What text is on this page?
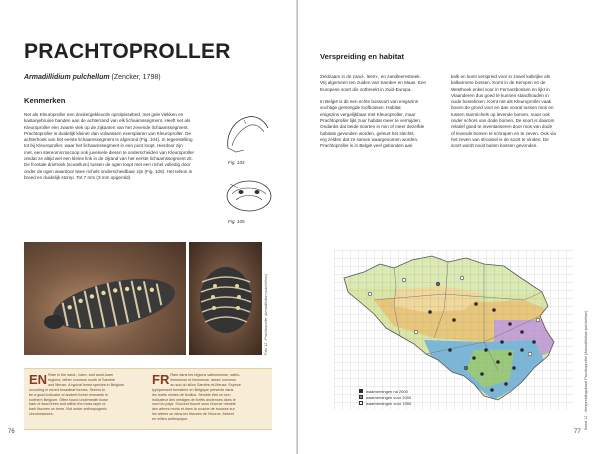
PRACHTOPROLLER
Armadillidium pulchellum (Zencker, 1798)
Kenmerken
Net als Kleuroproller een donkergekleurde oprolpissebed, met gele vlekken en
kastanjebruine banden aan de achterrand van elk lichaamssegment. Heeft net als
Kleuroproller een zwarte vlek op de zijkanten van het zevende lichaamssegment.
Prachtoproller is duidelijk kleiner dan volwassen exemplaren van Kleuroproller. De
achterhoek van het eerste lichaamssegment is afgerond (Fig. 104). In tegenstelling
tot bij Kleuroproller, waar het lichaamssegment in een punt loopt. Hierdoor zijn
met, een stereomicroscoop ook juveniele dieren te onderscheiden van Kleuroproller
omdat ze altijd wel een kleine link in de zijrand van het eerste lichaamssegment zit.
De frontale driehoek (scutellum) tussen de ogen loopt met een richel volledig door
onder de ogen waardoor twee richels onderscheidbaar zijn (Fig. 105). Het telson is
breed en duidelijk stomp. Tot 7 mm (3 mm opgerold).
Fig. 104
Fig. 105
Foto 12 - Prachtoproller (Armadillidium pulchellum)
EN Rare in the sand-, loam- and sand-loam
regions; rather common south of Sambre
and Meuse. A typical forest species in Belgium
occurring in mixed broadleaf forests. Seems to
be a good indicator of ancient forest remnants in
northern Belgium. Often found underneath loose
bark of dead trees and within the moss layer or
bark fissures on trees. Not under anthropogenic
circumstances.
FR Rare dans les régions sablonneuse, sablo-
limoneuse et limoneuse, assez commun
au sud du sillon Sambre-et-Meuse. Espèce
typiquement forestière en Belgique présente dans
les forêts mixtes de feuillus. Semble être un bon
indicateur des vestiges de forêts anciennes dans le
nord du pays. Souvent trouvé sous l'écorce meuble
des arbres morts et dans la couche de mousse sur
les arbres ou dans les fissures de l'écorce. Absent
en milieu anthropique.
76
Verspreiding en habitat
Zeldzaam in de zand-, leem-, en zandleemstreek.
Vrij algemeen ten zuiden van Samber en Maas. Een
Europese soort die ontbreekt in Zuid-Europa.

In België is dit een echte bossoort van enigszins
vochtige gemengde loofbossen. Habitat
enigszins vergelijkbaar met Kleuroproller, maar
Prachtoproller lijkt zuur habitat meer te vermijden.
Ondanks dat beide soorten in min of meer dezelfde
habitats gevonden worden, geleurt het slechts
erg zelden dat ze samen waargenomen worden.
Prachtoproller is in België veel gebonden aan
kalk en komt verspreid voor in zowel kalkrijke als
kalkarmere bossen. Komt in de Kempen en de
Westhoek enkel voor in Fernarsbossen en lijkt in
Vlaanderen dus goed te kunnen standhouden in
oude bosrelicten. Komt net als Kleuroproller vaak
boven de grond voor en dan vooral tussen mos en
tussen stamrichels op levende bomen, maar ook
onder schors van dode bomen. De soort is daarom
relatief goed te inventariseren door mos van dode
of levende bomen te schrapen en te zeven. Ook via
het zeven van strooisel is de soort te vinden. De
soort wordt nooit buiten bossen gevonden.
77
waarnemingen na 2000
waarnemingen voor 2000
waarnemingen voor 1950	Kaart 12 - Verspreidingskaart Prachtoproller (Armadillidium pulchellum)
